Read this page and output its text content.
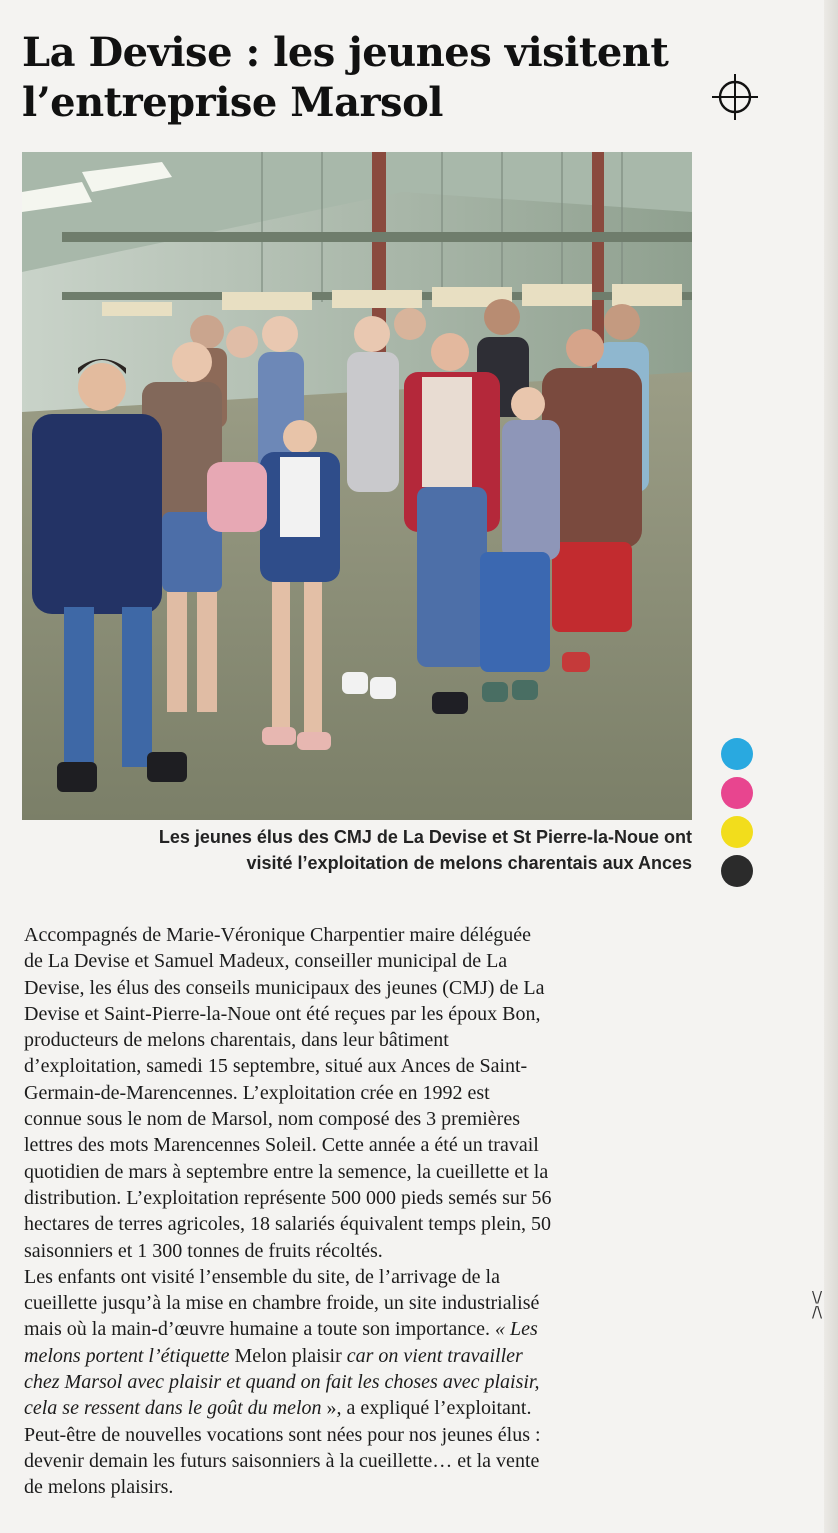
La Devise : les jeunes visitent
l’entreprise Marsol
Les jeunes élus des CMJ de La Devise et St Pierre-la-Noue ont
visité l’exploitation de melons charentais aux Ances
Accompagnés de Marie-Véronique Charpentier maire déléguée
de La Devise et Samuel Madeux, conseiller municipal de La
Devise, les élus des conseils municipaux des jeunes (CMJ) de La
Devise et Saint-Pierre-la-Noue ont été reçues par les époux Bon,
producteurs de melons charentais, dans leur bâtiment
d’exploitation, samedi 15 septembre, situé aux Ances de Saint-
Germain-de-Marencennes. L’exploitation crée en 1992 est
connue sous le nom de Marsol, nom composé des 3 premières
lettres des mots Marencennes Soleil. Cette année a été un travail
quotidien de mars à septembre entre la semence, la cueillette et la
distribution. L’exploitation représente 500 000 pieds semés sur 56
hectares de terres agricoles, 18 salariés équivalent temps plein, 50
saisonniers et 1 300 tonnes de fruits récoltés.
Les enfants ont visité l’ensemble du site, de l’arrivage de la
cueillette jusqu’à la mise en chambre froide, un site industrialisé
mais où la main-d’œuvre humaine a toute son importance. « Les
melons portent l’étiquette Melon plaisir car on vient travailler
chez Marsol avec plaisir et quand on fait les choses avec plaisir,
cela se ressent dans le goût du melon », a expliqué l’exploitant.
Peut-être de nouvelles vocations sont nées pour nos jeunes élus :
devenir demain les futurs saisonniers à la cueillette… et la vente
de melons plaisirs.
\/
/\
